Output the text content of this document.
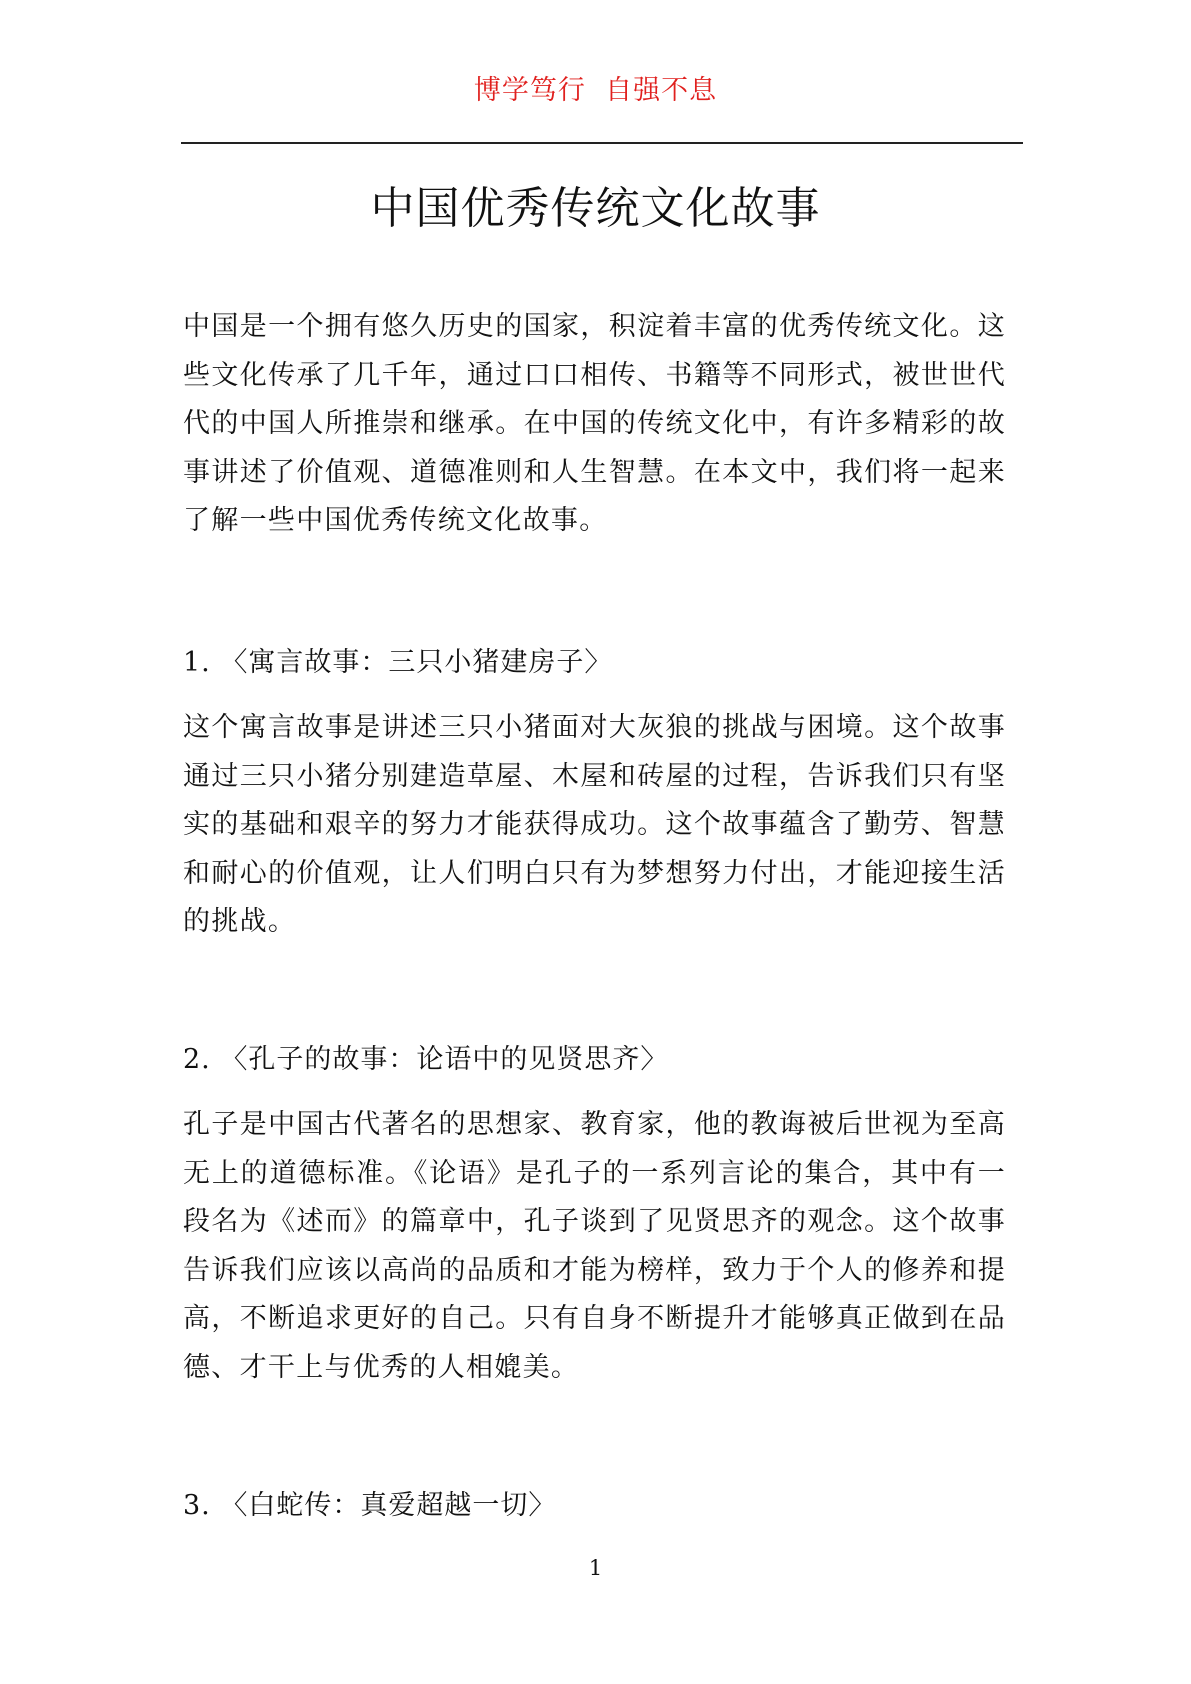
博学笃行  自强不息
中国优秀传统文化故事

中国是一个拥有悠久历史的国家，积淀着丰富的优秀传统文化。这些文化传承了几千年，通过口口相传、书籍等不同形式，被世世代代的中国人所推崇和继承。在中国的传统文化中，有许多精彩的故事讲述了价值观、道德准则和人生智慧。在本文中，我们将一起来了解一些中国优秀传统文化故事。

1. 〈寓言故事：三只小猪建房子〉

这个寓言故事是讲述三只小猪面对大灰狼的挑战与困境。这个故事通过三只小猪分别建造草屋、木屋和砖屋的过程，告诉我们只有坚实的基础和艰辛的努力才能获得成功。这个故事蕴含了勤劳、智慧和耐心的价值观，让人们明白只有为梦想努力付出，才能迎接生活的挑战。

2. 〈孔子的故事：论语中的见贤思齐〉

孔子是中国古代著名的思想家、教育家，他的教诲被后世视为至高无上的道德标准。《论语》是孔子的一系列言论的集合，其中有一段名为《述而》的篇章中，孔子谈到了见贤思齐的观念。这个故事告诉我们应该以高尚的品质和才能为榜样，致力于个人的修养和提高，不断追求更好的自己。只有自身不断提升才能够真正做到在品德、才干上与优秀的人相媲美。

3. 〈白蛇传：真爱超越一切〉
1
